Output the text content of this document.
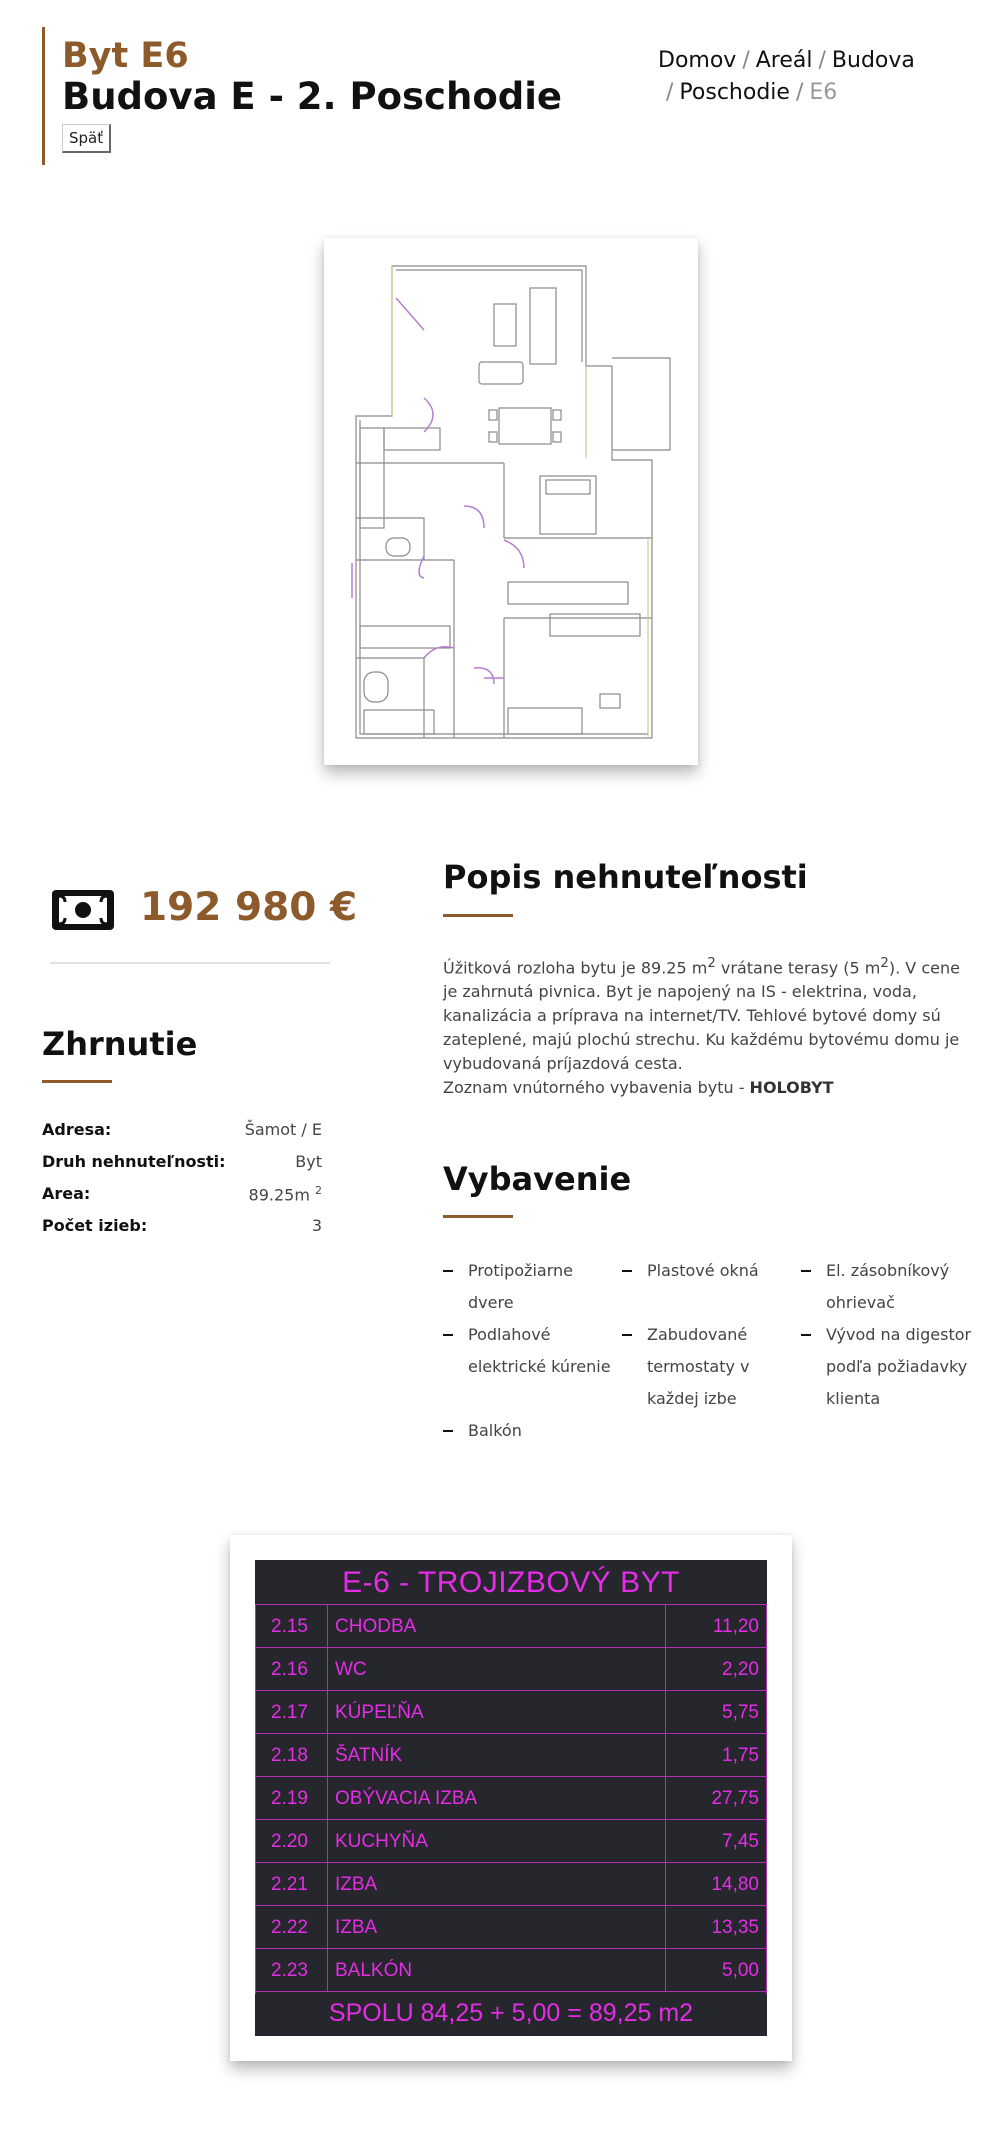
Byt E6
Budova E - 2. Poschodie
Späť
Domov / Areál / Budova
/ Poschodie / E6
192 980 €
Zhrnutie
Adresa:	Šamot / E
Druh nehnuteľnosti:	Byt
Area:	89.25m $^2$
Počet izieb:	3
Popis nehnuteľnosti
Úžitková rozloha bytu je 89.25 $m^2$ vrátane terasy (5 $m^2$). V cene je zahrnutá pivnica. Byt je napojený na IS - elektrina, voda, kanalizácia a príprava na internet/TV. Tehlové bytové domy sú zateplené, majú plochú strechu. Ku každému bytovému domu je vybudovaná príjazdová cesta.
Zoznam vnútorného vybavenia bytu - HOLOBYT
Vybavenie
Protipožiarne dvere
Plastové okná	El. zásobníkový ohrievač
Podlahové elektrické kúrenie
Zabudované termostaty v každej izbe
Vývod na digestor podľa požiadavky klienta
Balkón
E-6 - TROJIZBOVÝ BYT
2.15	CHODBA	11,20
2.16	WC	2,20
2.17	KÚPEĽŇA	5,75
2.18	ŠATNÍK	1,75
2.19	OBÝVACIA IZBA	27,75
2.20	KUCHYŇA	7,45
2.21	IZBA	14,80
2.22	IZBA	13,35
2.23	BALKÓN	5,00
SPOLU 84,25 + 5,00 = 89,25 m2
